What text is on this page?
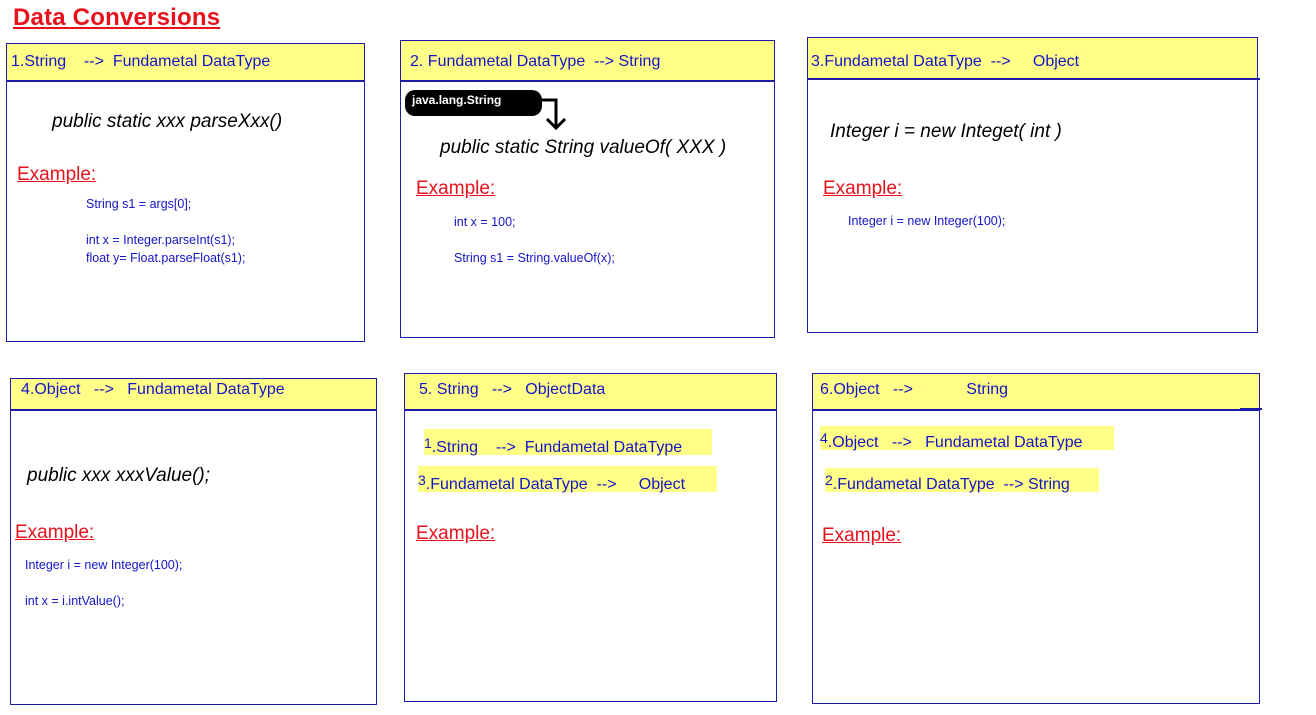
Data Conversions
1.String    -->  Fundametal DataType
public static xxx parseXxx()
Example:
String s1 = args[0];
int x = Integer.parseInt(s1);
float y= Float.parseFloat(s1);
2. Fundametal DataType  --> String
java.lang.String
public static String valueOf( XXX )
Example:
int x = 100;
String s1 = String.valueOf(x);
3.Fundametal DataType  -->     Object
Integer i = new Integet( int )
Example:
Integer i = new Integer(100);
4.Object   -->   Fundametal DataType
public xxx xxxValue();
Example:
Integer i = new Integer(100);
int x = i.intValue();
5. String   -->   ObjectData
$^1$.String    -->  Fundametal DataType
$^3$.Fundametal DataType  -->     Object
Example:
6.Object   -->            String
$^4$.Object   -->   Fundametal DataType
$^2$.Fundametal DataType  --> String
Example:
